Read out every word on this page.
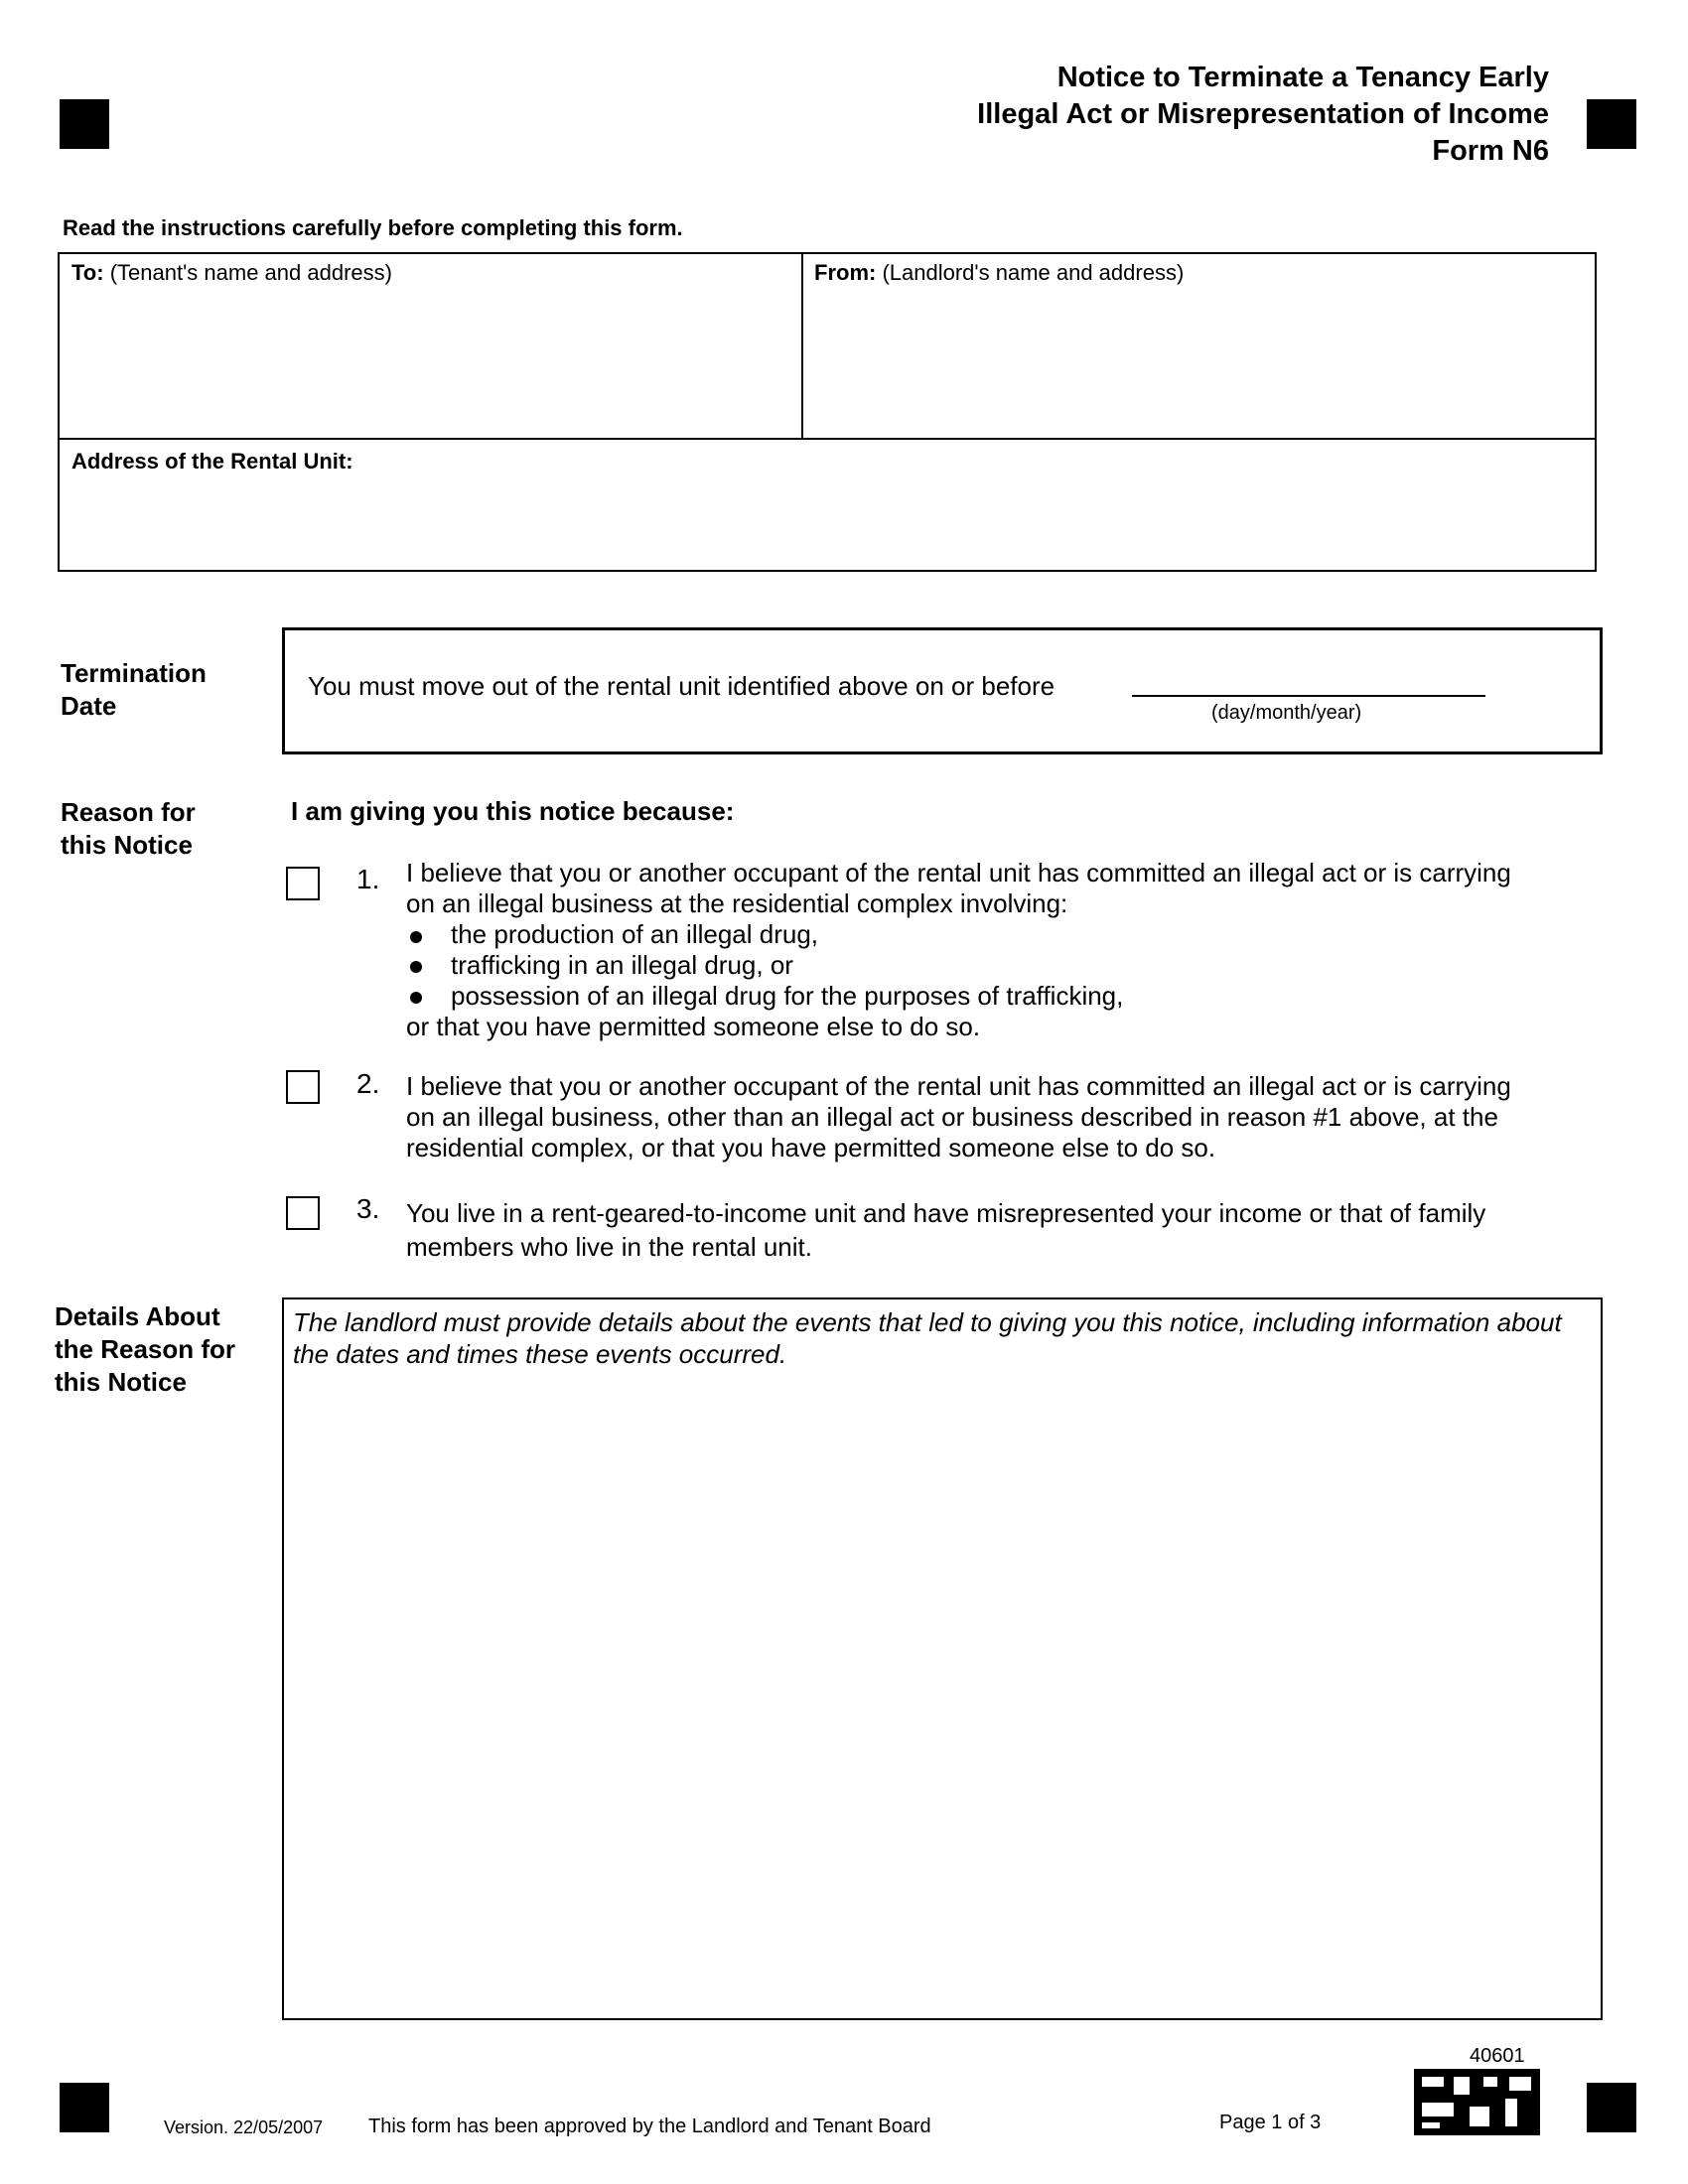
Notice to Terminate a Tenancy Early
Illegal Act or Misrepresentation of Income
Form N6
Read the instructions carefully before completing this form.
To: (Tenant's name and address)	From: (Landlord's name and address)
Address of the Rental Unit:
Termination
Date
You must move out of the rental unit identified above on or before
(day/month/year)
Reason for
this Notice
I am giving you this notice because:
1. I believe that you or another occupant of the rental unit has committed an illegal act or is carrying
on an illegal business at the residential complex involving:
the production of an illegal drug,
trafficking in an illegal drug, or
possession of an illegal drug for the purposes of trafficking,
or that you have permitted someone else to do so.
2. I believe that you or another occupant of the rental unit has committed an illegal act or is carrying
on an illegal business, other than an illegal act or business described in reason #1 above, at the
residential complex, or that you have permitted someone else to do so.
3. You live in a rent-geared-to-income unit and have misrepresented your income or that of family
members who live in the rental unit.
Details About
the Reason for
this Notice
The landlord must provide details about the events that led to giving you this notice, including information about the dates and times these events occurred.
40601
Version. 22/05/2007 This form has been approved by the Landlord and Tenant Board	Page 1 of 3
